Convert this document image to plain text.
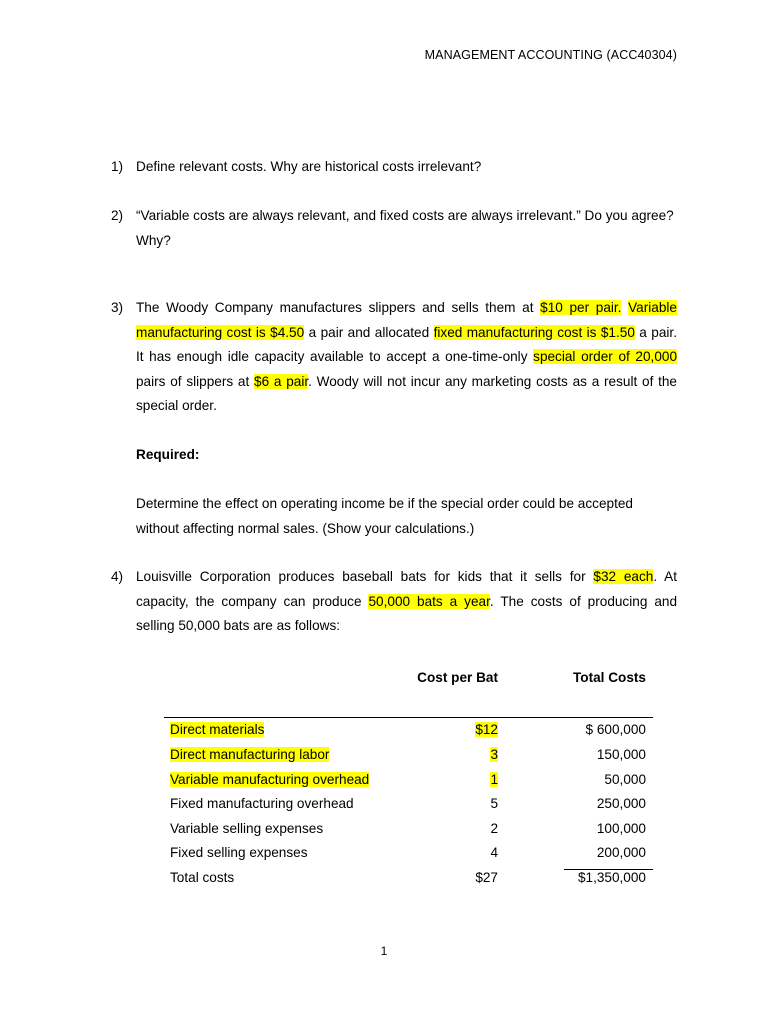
MANAGEMENT ACCOUNTING (ACC40304)
1) Define relevant costs. Why are historical costs irrelevant?
2) “Variable costs are always relevant, and fixed costs are always irrelevant.” Do you agree? Why?
3) The Woody Company manufactures slippers and sells them at $10 per pair. Variable manufacturing cost is $4.50 a pair and allocated fixed manufacturing cost is $1.50 a pair. It has enough idle capacity available to accept a one-time-only special order of 20,000 pairs of slippers at $6 a pair. Woody will not incur any marketing costs as a result of the special order.
Required:
Determine the effect on operating income be if the special order could be accepted without affecting normal sales. (Show your calculations.)
4) Louisville Corporation produces baseball bats for kids that it sells for $32 each. At capacity, the company can produce 50,000 bats a year. The costs of producing and selling 50,000 bats are as follows:
	Cost per Bat	Total Costs

Direct materials	$12	$ 600,000
Direct manufacturing labor	3	150,000
Variable manufacturing overhead	1	50,000
Fixed manufacturing overhead	5	250,000
Variable selling expenses	2	100,000
Fixed selling expenses	4	200,000
Total costs	$27	$1,350,000
1
